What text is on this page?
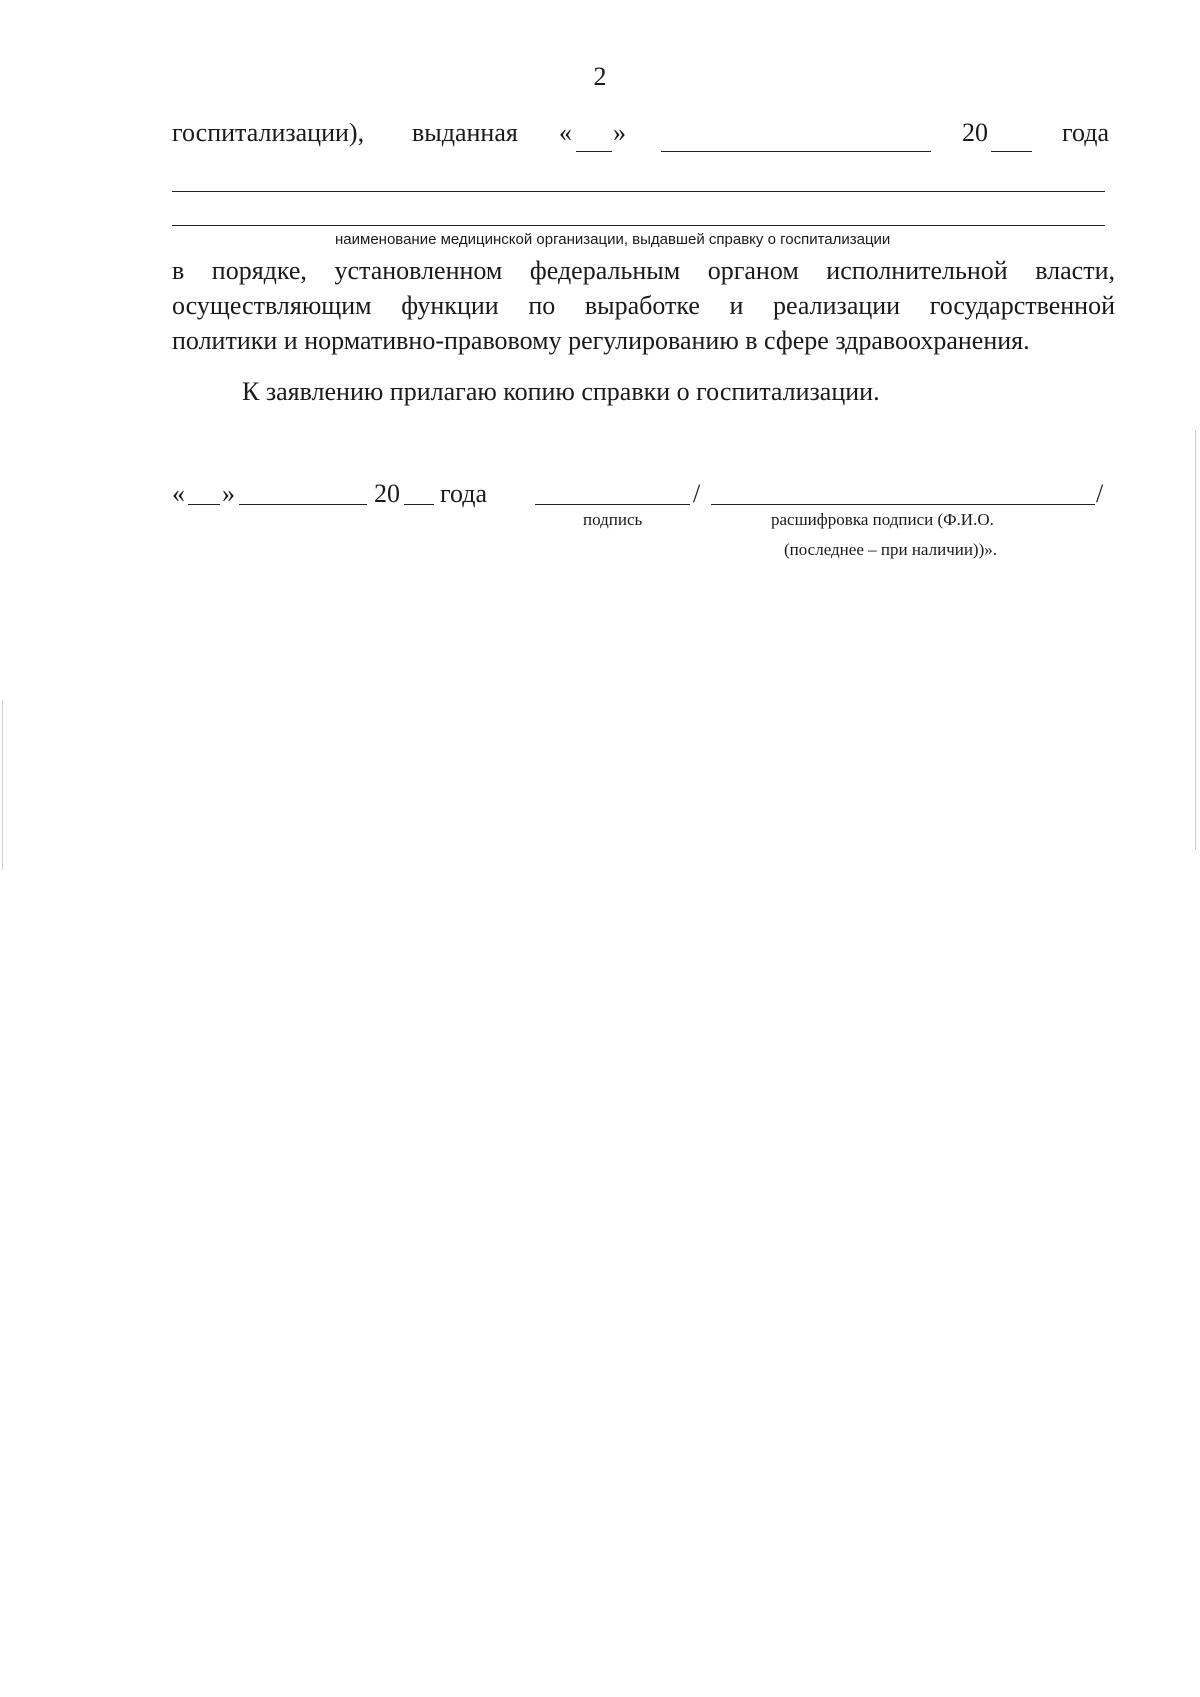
2
госпитализации), выданная « »	20	года
наименование медицинской организации, выдавшей справку о госпитализации
в порядке, установленном федеральным органом исполнительной власти,
осуществляющим функции по выработке и реализации государственной
политики и нормативно-правовому регулированию в сфере здравоохранения.
К заявлению прилагаю копию справки о госпитализации.
« »	20 года	/	/
подпись	расшифровка подписи (Ф.И.О.
(последнее – при наличии))».
